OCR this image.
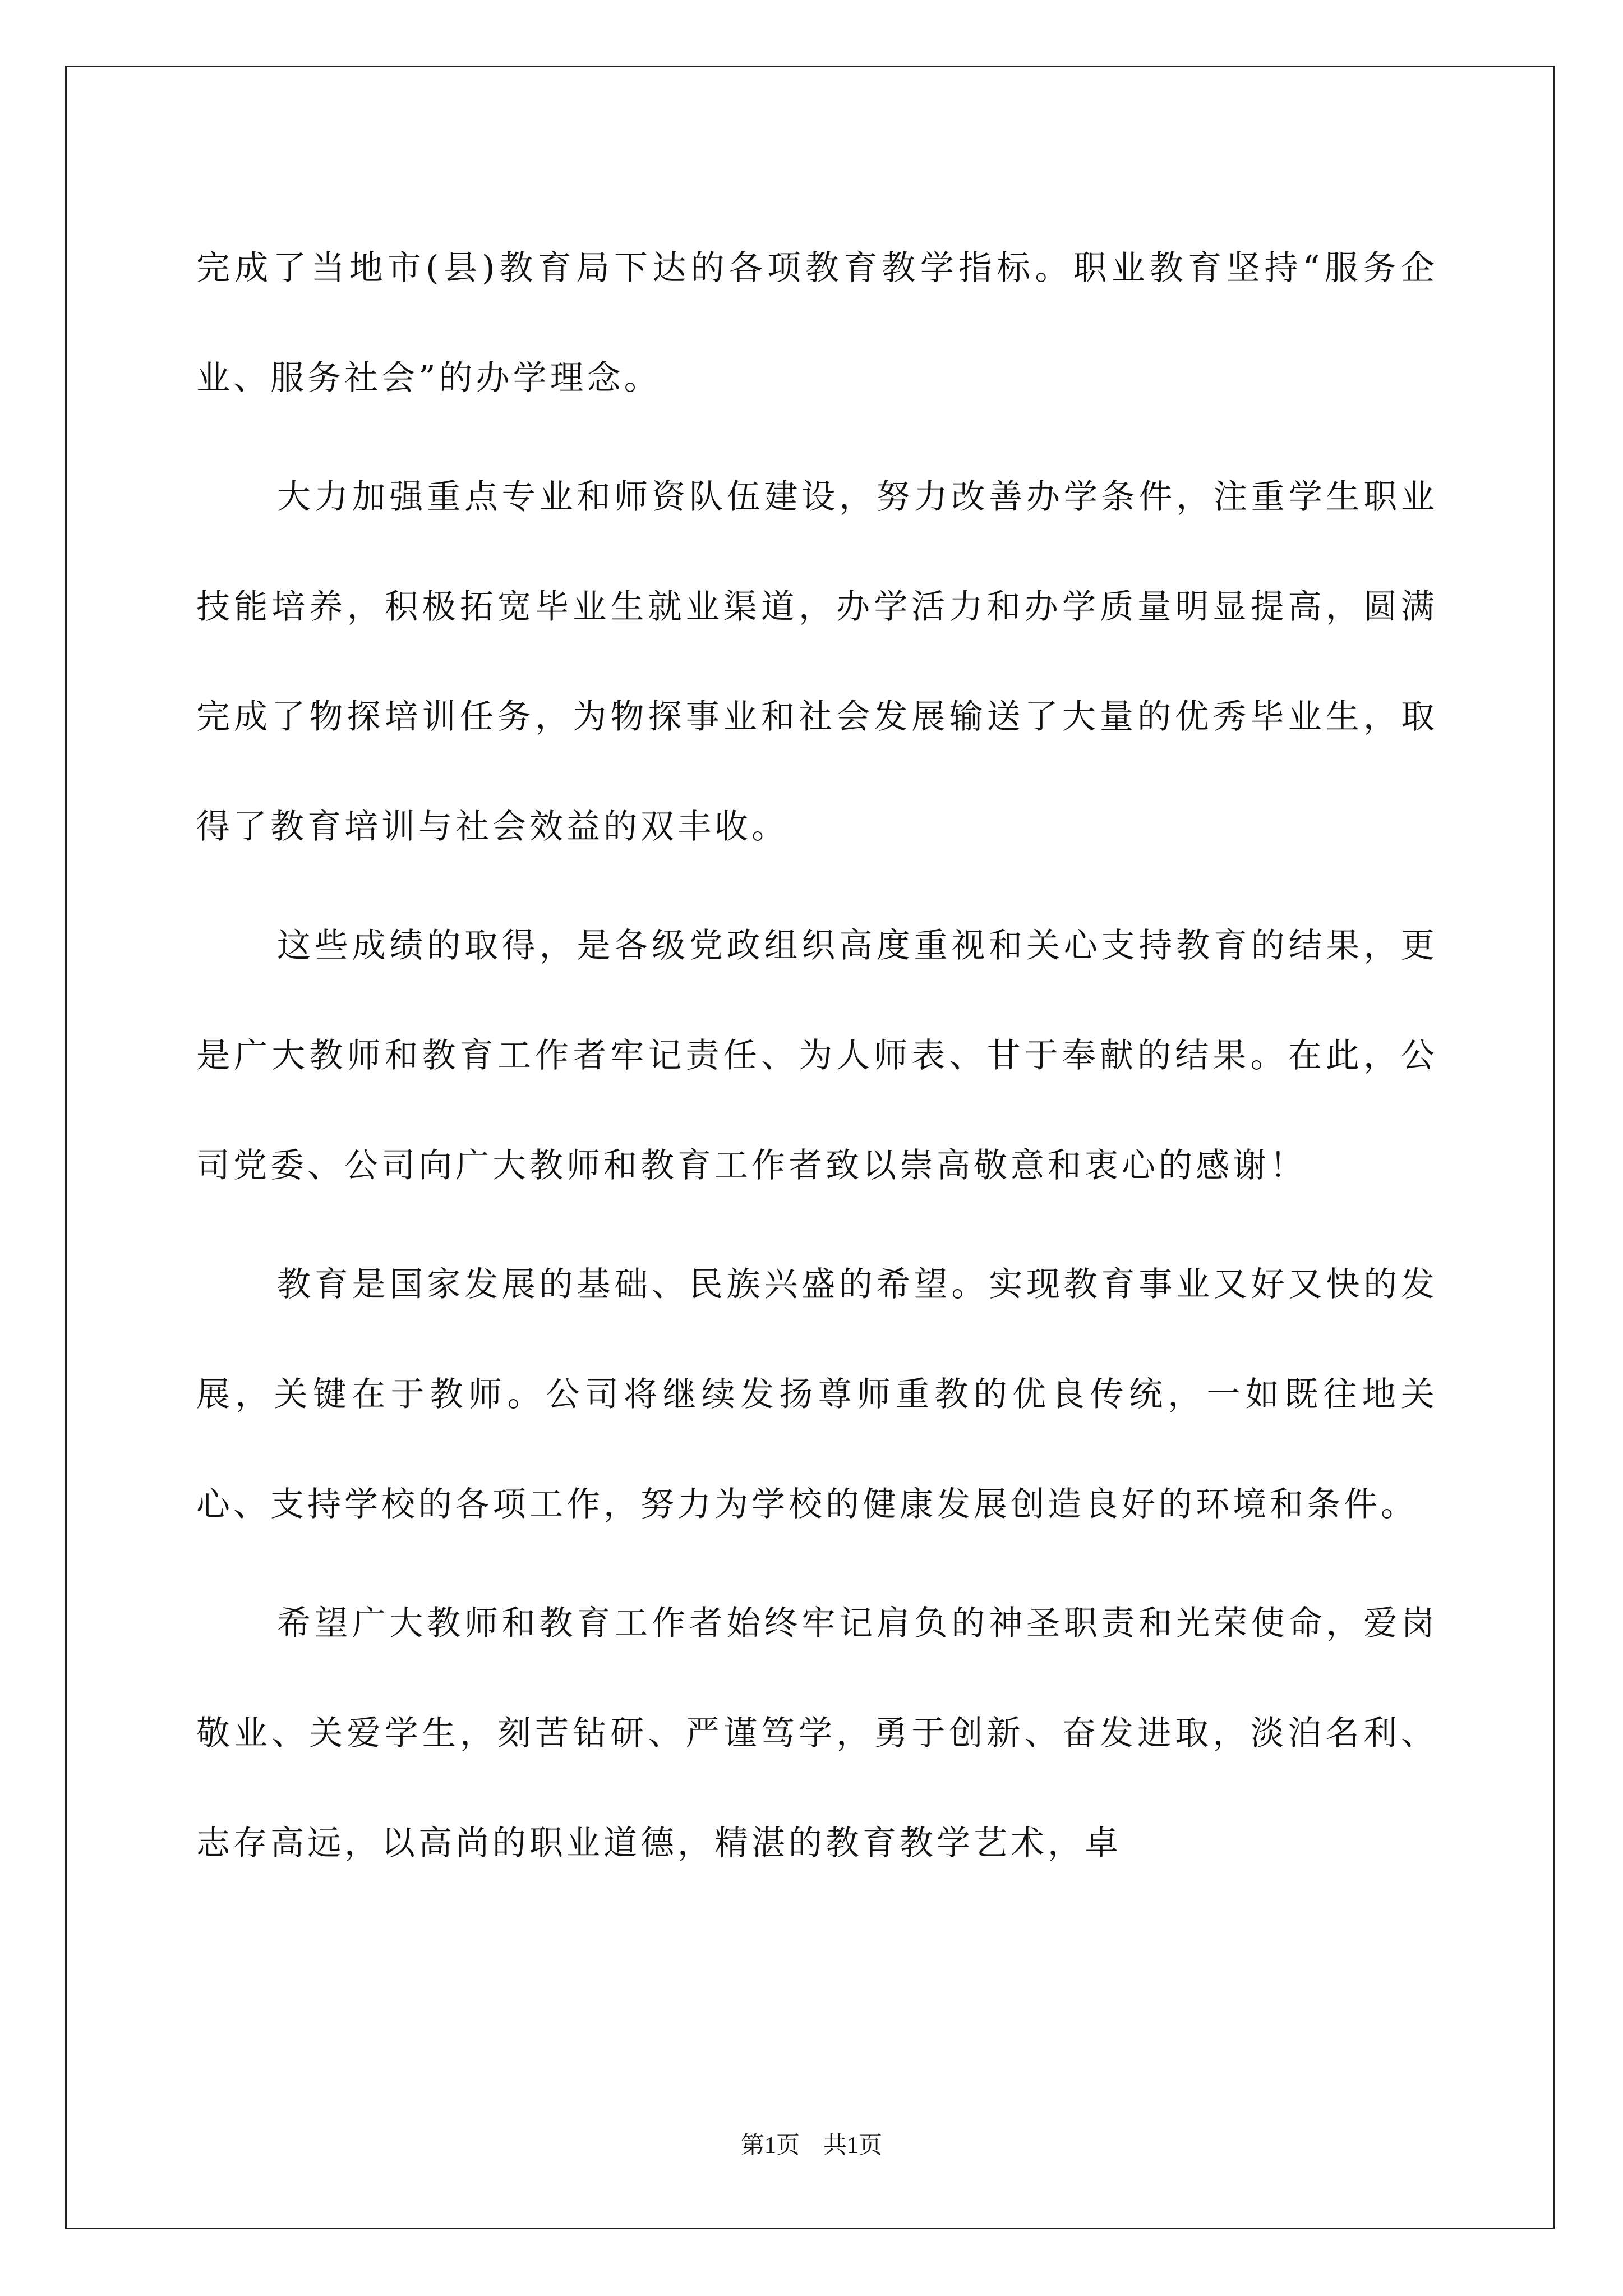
完成了当地市(县)教育局下达的各项教育教学指标。职业教育坚持“服务企业、服务社会”的办学理念。

大力加强重点专业和师资队伍建设，努力改善办学条件，注重学生职业技能培养，积极拓宽毕业生就业渠道，办学活力和办学质量明显提高，圆满完成了物探培训任务，为物探事业和社会发展输送了大量的优秀毕业生，取得了教育培训与社会效益的双丰收。

这些成绩的取得，是各级党政组织高度重视和关心支持教育的结果，更是广大教师和教育工作者牢记责任、为人师表、甘于奉献的结果。在此，公司党委、公司向广大教师和教育工作者致以崇高敬意和衷心的感谢！

教育是国家发展的基础、民族兴盛的希望。实现教育事业又好又快的发展，关键在于教师。公司将继续发扬尊师重教的优良传统，一如既往地关心、支持学校的各项工作，努力为学校的健康发展创造良好的环境和条件。

希望广大教师和教育工作者始终牢记肩负的神圣职责和光荣使命，爱岗敬业、关爱学生，刻苦钻研、严谨笃学，勇于创新、奋发进取，淡泊名利、志存高远，以高尚的职业道德，精湛的教育教学艺术，卓

第1页　共1页
